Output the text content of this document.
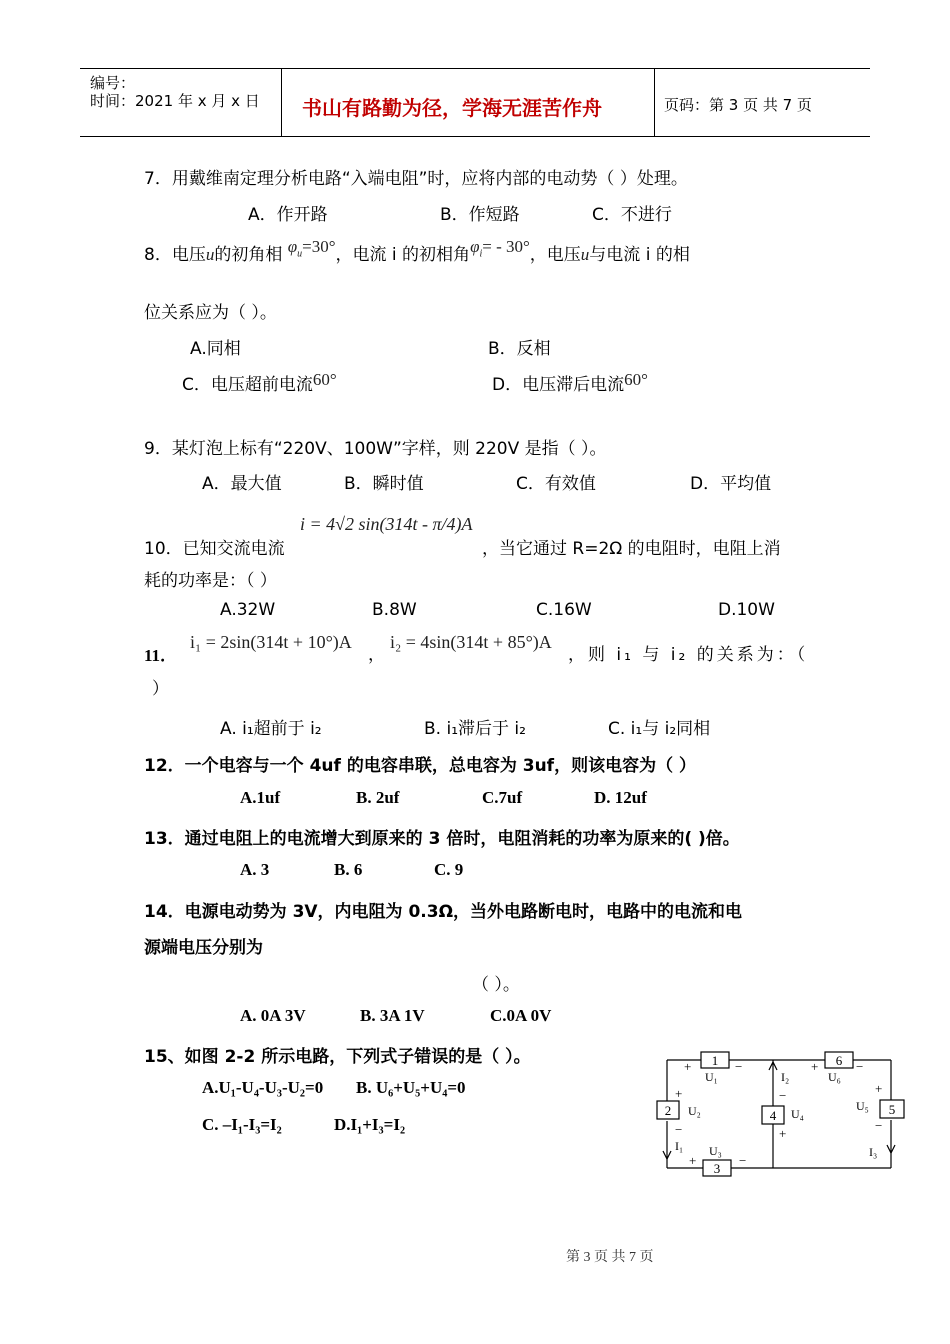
编号：
时间：2021 年 x 月 x 日 书山有路勤为径，学海无涯苦作舟	页码：第 3 页 共 7 页
7．用戴维南定理分析电路“入端电阻”时，应将内部的电动势（ ）处理。
A．作开路	B．作短路	C．不进行
8．电压u的初角相 $\varphi_u=30^\circ$，电流 i 的初相角$\varphi_i= - 30^\circ$，电压u与电流 i 的相
位关系应为（ ）。
A.同相	B．反相
C．电压超前电流60°	D．电压滞后电流60°
9．某灯泡上标有“220V、100W”字样，则 220V 是指（ ）。
A．最大值	B．瞬时值	C．有效值	D．平均值
10．已知交流电流
i = 4√2 sin(314t - π/4)A
，当它通过 R=2Ω 的电阻时，电阻上消
耗的功率是：（ ）
A.32W	B.8W	C.16W	D.10W
11．
i₁ = 2sin(314t + 10°)A
，
i₂ = 4sin(314t + 85°)A
，则 i₁ 与 i₂ 的关系为：（
）
A. i₁超前于 i₂	B. i₁滞后于 i₂	C. i₁与 i₂同相
12．一个电容与一个 4uf 的电容串联，总电容为 3uf，则该电容为（ ）
A.1uf	B. 2uf	C.7uf	D. 12uf
13．通过电阻上的电流增大到原来的 3 倍时，电阻消耗的功率为原来的( )倍。
A. 3	B. 6	C. 9
14．电源电动势为 3V，内电阻为 0.3Ω，当外电路断电时，电路中的电流和电
源端电压分别为
（ ）。
A. 0A 3V	B. 3A 1V	C.0A 0V
15、如图 2-2 所示电路，下列式子错误的是（ ）。
A.U₁-U₄-U₃-U₂=0 B. U₆+U₅+U₄=0
C. –I₁-I₃=I₂	D.I₁+I₃=I₂
1
2
3
4	5
6
U₁
U₂
U₃
U₄
U₅
U₆
I₁
I₂
I₃
+	−
+
−
+	−
−
+
+	−
+
−
第 3 页 共 7 页
